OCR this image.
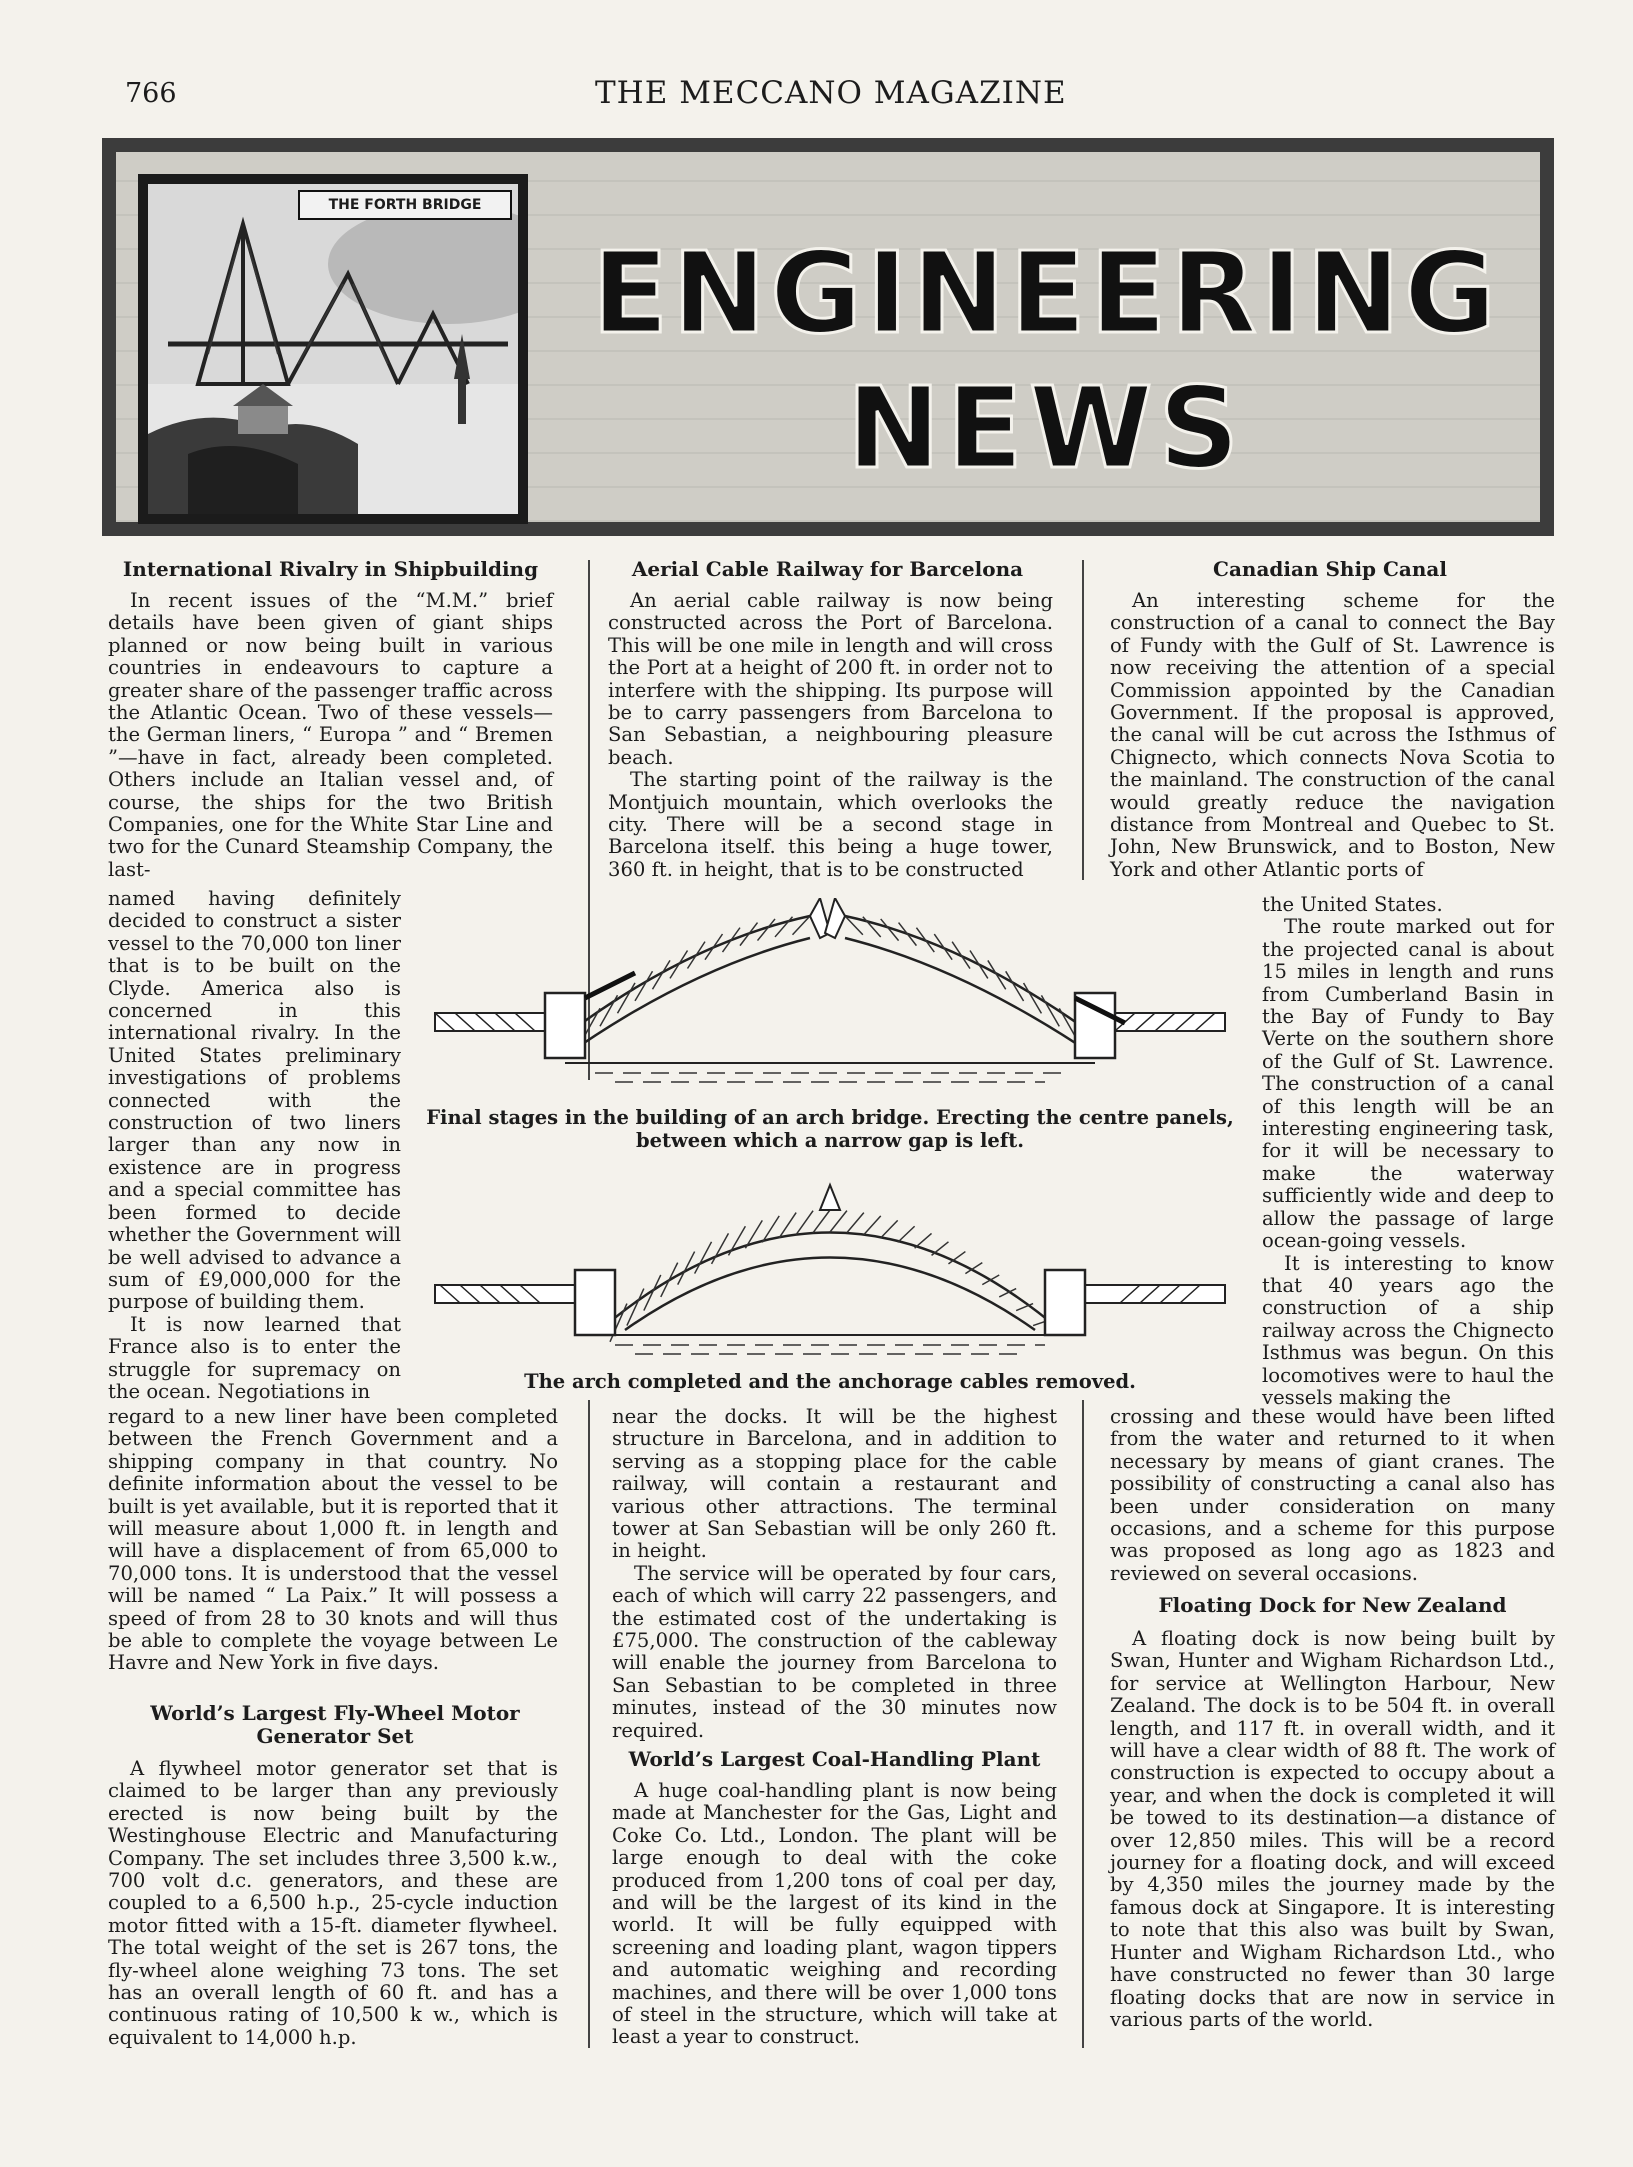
766	THE MECCANO MAGAZINE
THE FORTH BRIDGE
ENGINEERING
NEWS
International Rivalry in Shipbuilding

In recent issues of the “M.M.” brief details have been given of giant ships planned or now being built in various countries in endeavours to capture a greater share of the passenger traffic across the Atlantic Ocean. Two of these vessels—the German liners, “ Europa ” and “ Bremen ”—have in fact, already been completed. Others include an Italian vessel and, of course, the ships for the two British Companies, one for the White Star Line and two for the Cunard Steamship Company, the last-

named having definitely decided to construct a sister vessel to the 70,000 ton liner that is to be built on the Clyde. America also is concerned in this international rivalry. In the United States preliminary investigations of problems connected with the construction of two liners larger than any now in existence are in progress and a special committee has been formed to decide whether the Government will be well advised to advance a sum of £9,000,000 for the purpose of building them.

It is now learned that France also is to enter the struggle for supremacy on the ocean. Negotiations in

regard to a new liner have been completed between the French Government and a shipping company in that country. No definite information about the vessel to be built is yet available, but it is reported that it will measure about 1,000 ft. in length and will have a displacement of from 65,000 to 70,000 tons. It is understood that the vessel will be named “ La Paix.” It will possess a speed of from 28 to 30 knots and will thus be able to complete the voyage between Le Havre and New York in five days.

World’s Largest Fly-Wheel Motor Generator Set

A flywheel motor generator set that is claimed to be larger than any previously erected is now being built by the Westinghouse Electric and Manufacturing Company. The set includes three 3,500 k.w., 700 volt d.c. generators, and these are coupled to a 6,500 h.p., 25-cycle induction motor fitted with a 15-ft. diameter flywheel. The total weight of the set is 267 tons, the fly-wheel alone weighing 73 tons. The set has an overall length of 60 ft. and has a continuous rating of 10,500 k w., which is equivalent to 14,000 h.p.

Aerial Cable Railway for Barcelona

An aerial cable railway is now being constructed across the Port of Barcelona. This will be one mile in length and will cross the Port at a height of 200 ft. in order not to interfere with the shipping. Its purpose will be to carry passengers from Barcelona to San Sebastian, a neighbouring pleasure beach.

The starting point of the railway is the Montjuich mountain, which overlooks the city. There will be a second stage in Barcelona itself. this being a huge tower, 360 ft. in height, that is to be constructed

near the docks. It will be the highest structure in Barcelona, and in addition to serving as a stopping place for the cable railway, will contain a restaurant and various other attractions. The terminal tower at San Sebastian will be only 260 ft. in height.

The service will be operated by four cars, each of which will carry 22 passengers, and the estimated cost of the undertaking is £75,000. The construction of the cableway will enable the journey from Barcelona to San Sebastian to be completed in three minutes, instead of the 30 minutes now required.

World’s Largest Coal-Handling Plant

A huge coal-handling plant is now being made at Manchester for the Gas, Light and Coke Co. Ltd., London. The plant will be large enough to deal with the coke produced from 1,200 tons of coal per day, and will be the largest of its kind in the world. It will be fully equipped with screening and loading plant, wagon tippers and automatic weighing and recording machines, and there will be over 1,000 tons of steel in the structure, which will take at least a year to construct.

Canadian Ship Canal

An interesting scheme for the construction of a canal to connect the Bay of Fundy with the Gulf of St. Lawrence is now receiving the attention of a special Commission appointed by the Canadian Government. If the proposal is approved, the canal will be cut across the Isthmus of Chignecto, which connects Nova Scotia to the mainland. The construction of the canal would greatly reduce the navigation distance from Montreal and Quebec to St. John, New Brunswick, and to Boston, New York and other Atlantic ports of

the United States.

The route marked out for the projected canal is about 15 miles in length and runs from Cumberland Basin in the Bay of Fundy to Bay Verte on the southern shore of the Gulf of St. Lawrence. The construction of a canal of this length will be an interesting engineering task, for it will be necessary to make the waterway sufficiently wide and deep to allow the passage of large ocean-going vessels.

It is interesting to know that 40 years ago the construction of a ship railway across the Chignecto Isthmus was begun. On this locomotives were to haul the vessels making the

crossing and these would have been lifted from the water and returned to it when necessary by means of giant cranes. The possibility of constructing a canal also has been under consideration on many occasions, and a scheme for this purpose was proposed as long ago as 1823 and reviewed on several occasions.

Floating Dock for New Zealand

A floating dock is now being built by Swan, Hunter and Wigham Richardson Ltd., for service at Wellington Harbour, New Zealand. The dock is to be 504 ft. in overall length, and 117 ft. in overall width, and it will have a clear width of 88 ft. The work of construction is expected to occupy about a year, and when the dock is completed it will be towed to its destination—a distance of over 12,850 miles. This will be a record journey for a floating dock, and will exceed by 4,350 miles the journey made by the famous dock at Singapore. It is interesting to note that this also was built by Swan, Hunter and Wigham Richardson Ltd., who have constructed no fewer than 30 large floating docks that are now in service in various parts of the world.

Final stages in the building of an arch bridge. Erecting the centre panels, between which a narrow gap is left.
The arch completed and the anchorage cables removed.
